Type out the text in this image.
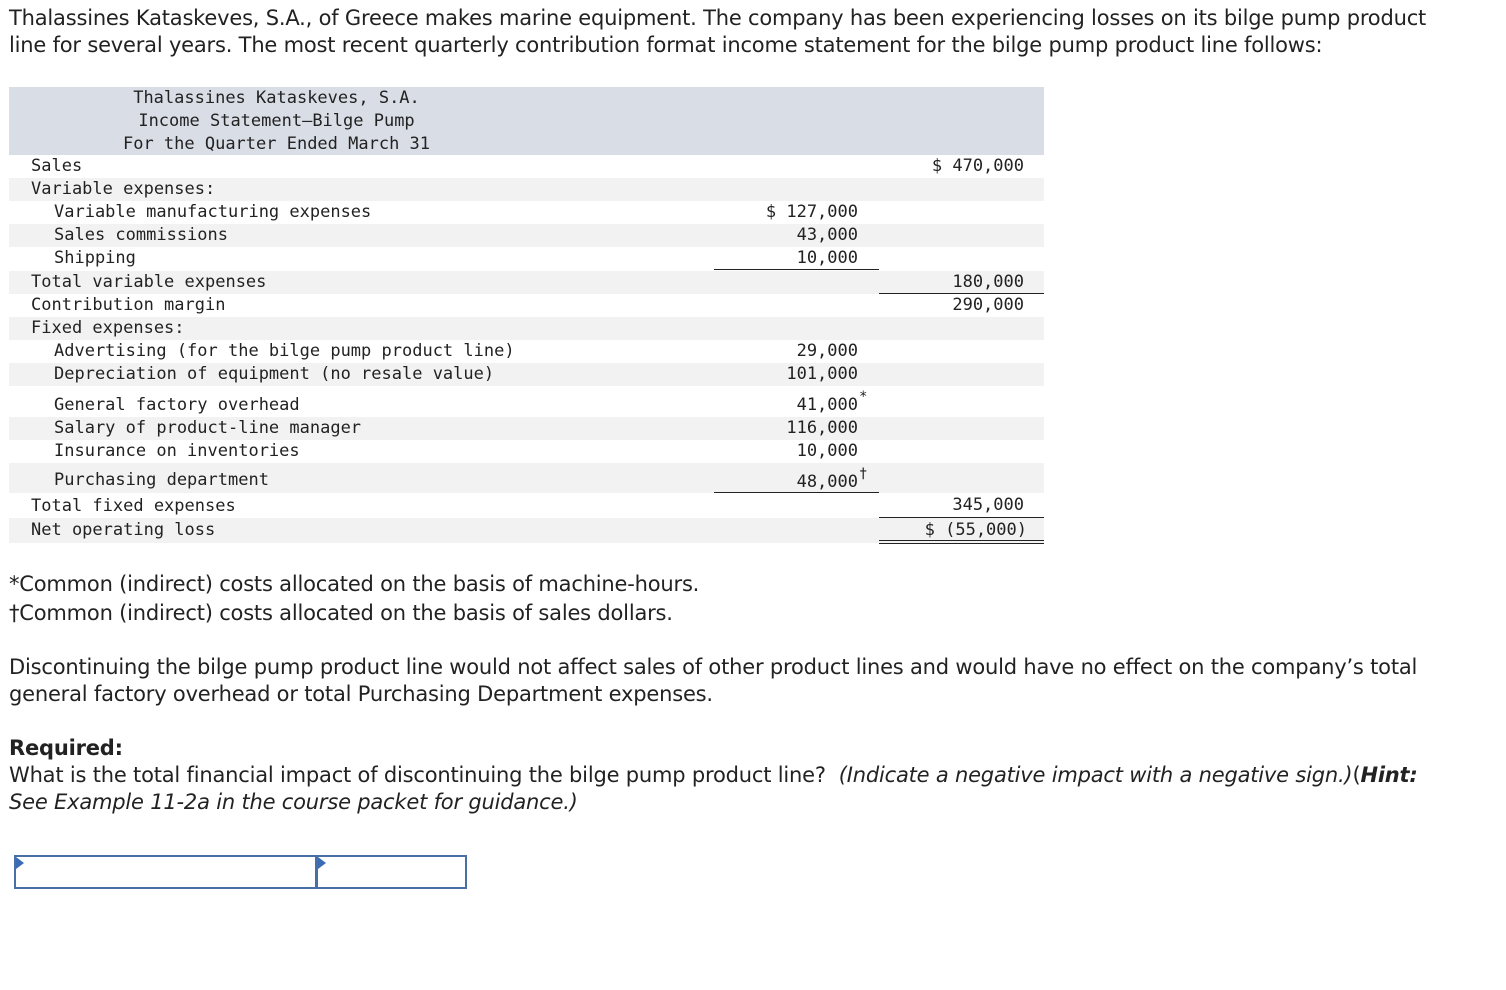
Thalassines Kataskeves, S.A., of Greece makes marine equipment. The company has been experiencing losses on its bilge pump product line for several years. The most recent quarterly contribution format income statement for the bilge pump product line follows:
Thalassines Kataskeves, S.A.
Income Statement—Bilge Pump
For the Quarter Ended March 31
Sales	$ 470,000
Variable expenses:
Variable manufacturing expenses	$ 127,000
Sales commissions	43,000
Shipping	10,000
Total variable expenses	180,000
Contribution margin	290,000
Fixed expenses:
Advertising (for the bilge pump product line)	29,000
Depreciation of equipment (no resale value)	101,000
General factory overhead	41,000 *
Salary of product-line manager	116,000
Insurance on inventories	10,000
Purchasing department	48,000 †
Total fixed expenses	345,000
Net operating loss	$ (55,000)
*Common (indirect) costs allocated on the basis of machine-hours.
†Common (indirect) costs allocated on the basis of sales dollars.
Discontinuing the bilge pump product line would not affect sales of other product lines and would have no effect on the company’s total general factory overhead or total Purchasing Department expenses.
Required:
What is the total financial impact of discontinuing the bilge pump product line? (Indicate a negative impact with a negative sign.)(Hint: See Example 11-2a in the course packet for guidance.)
